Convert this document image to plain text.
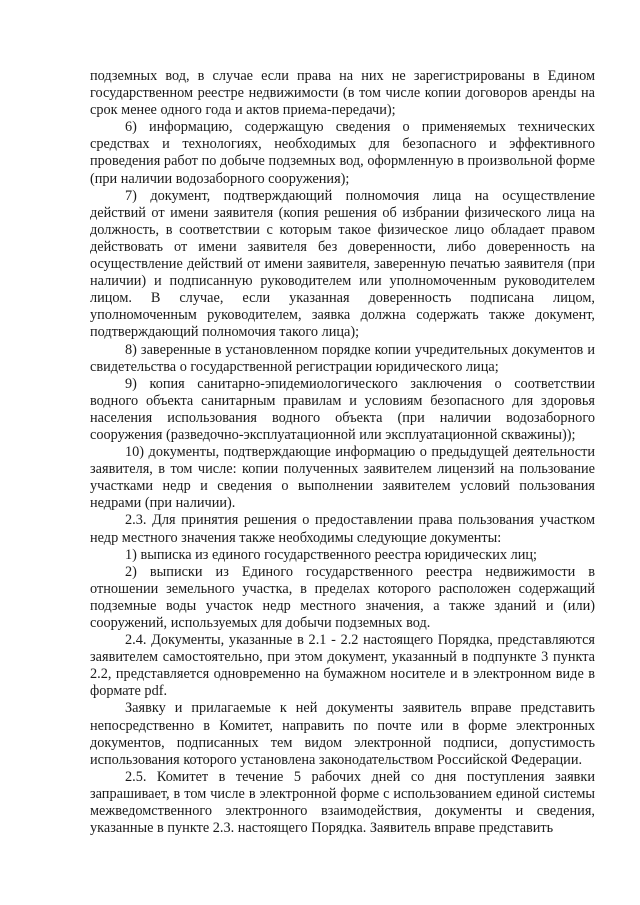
подземных вод, в случае если права на них не зарегистрированы в Едином государственном реестре недвижимости (в том числе копии договоров аренды на срок менее одного года и актов приема-передачи);

6) информацию, содержащую сведения о применяемых технических средствах и технологиях, необходимых для безопасного и эффективного проведения работ по добыче подземных вод, оформленную в произвольной форме (при наличии водозаборного сооружения);

7) документ, подтверждающий полномочия лица на осуществление действий от имени заявителя (копия решения об избрании физического лица на должность, в соответствии с которым такое физическое лицо обладает правом действовать от имени заявителя без доверенности, либо доверенность на осуществление действий от имени заявителя, заверенную печатью заявителя (при наличии) и подписанную руководителем или уполномоченным руководителем лицом. В случае, если указанная доверенность подписана лицом, уполномоченным руководителем, заявка должна содержать также документ, подтверждающий полномочия такого лица);

8) заверенные в установленном порядке копии учредительных документов и свидетельства о государственной регистрации юридического лица;

9) копия санитарно-эпидемиологического заключения о соответствии водного объекта санитарным правилам и условиям безопасного для здоровья населения использования водного объекта (при наличии водозаборного сооружения (разведочно-эксплуатационной или эксплуатационной скважины));

10) документы, подтверждающие информацию о предыдущей деятельности заявителя, в том числе: копии полученных заявителем лицензий на пользование участками недр и сведения о выполнении заявителем условий пользования недрами (при наличии).

2.3. Для принятия решения о предоставлении права пользования участком недр местного значения также необходимы следующие документы:

1) выписка из единого государственного реестра юридических лиц;

2) выписки из Единого государственного реестра недвижимости в отношении земельного участка, в пределах которого расположен содержащий подземные воды участок недр местного значения, а также зданий и (или) сооружений, используемых для добычи подземных вод.

2.4. Документы, указанные в 2.1 - 2.2 настоящего Порядка, представляются заявителем самостоятельно, при этом документ, указанный в подпункте 3 пункта 2.2, представляется одновременно на бумажном носителе и в электронном виде в формате pdf.

Заявку и прилагаемые к ней документы заявитель вправе представить непосредственно в Комитет, направить по почте или в форме электронных документов, подписанных тем видом электронной подписи, допустимость использования которого установлена законодательством Российской Федерации.

2.5. Комитет в течение 5 рабочих дней со дня поступления заявки запрашивает, в том числе в электронной форме с использованием единой системы межведомственного электронного взаимодействия, документы и сведения, указанные в пункте 2.3. настоящего Порядка. Заявитель вправе представить
